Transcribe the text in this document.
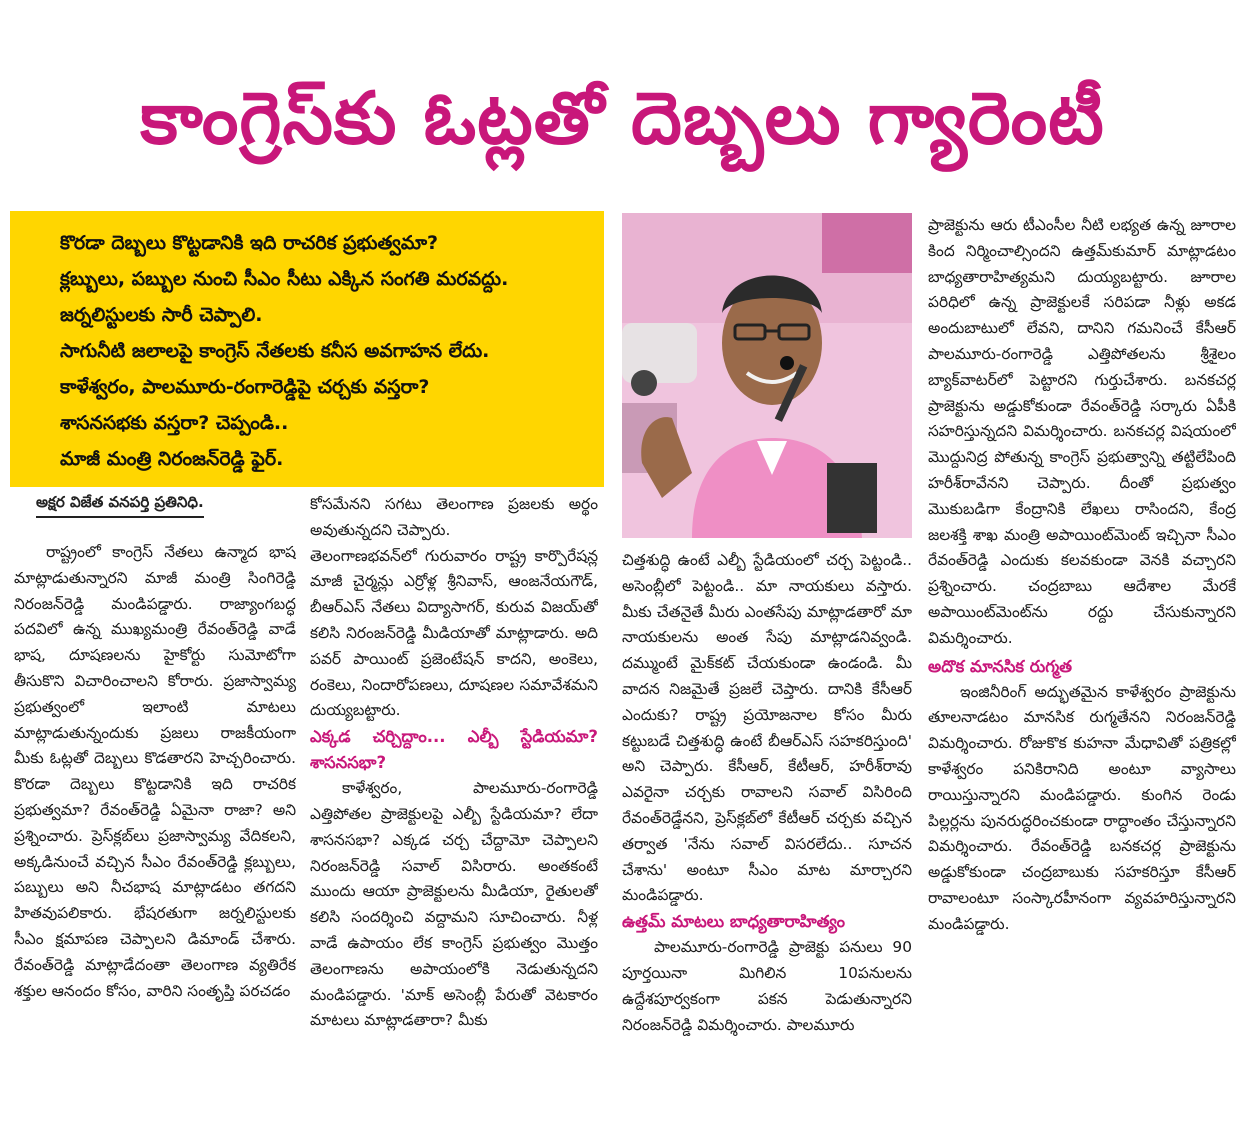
కాంగ్రెస్‌కు ఓట్లతో దెబ్బలు గ్యారెంటీ

కొరడా దెబ్బలు కొట్టడానికి ఇది రాచరిక ప్రభుత్వమా?

క్లబ్బులు, పబ్బుల నుంచి సీఎం సీటు ఎక్కిన సంగతి మరవద్దు.

జర్నలిస్టులకు సారీ చెప్పాలి.

సాగునీటి జలాలపై కాంగ్రెస్ నేతలకు కనీస అవగాహన లేదు.

కాళేశ్వరం, పాలమూరు-రంగారెడ్డిపై చర్చకు వస్తరా?

శాసనసభకు వస్తరా? చెప్పండి..

మాజీ మంత్రి నిరంజన్‌రెడ్డి ఫైర్.

అక్షర విజేత వనపర్తి ప్రతినిధి.

రాష్ట్రంలో కాంగ్రెస్ నేతలు ఉన్మాద భాష మాట్లాడుతున్నారని మాజీ మంత్రి సింగిరెడ్డి నిరంజన్‌రెడ్డి మండిపడ్డారు. రాజ్యాంగబద్ధ పదవిలో ఉన్న ముఖ్యమంత్రి రేవంత్‌రెడ్డి వాడే భాష, దూషణలను హైకోర్టు సుమోటోగా తీసుకొని విచారించాలని కోరారు. ప్రజాస్వామ్య ప్రభుత్వంలో ఇలాంటి మాటలు మాట్లాడుతున్నందుకు ప్రజలు రాజకీయంగా మీకు ఓట్లతో దెబ్బలు కొడతారని హెచ్చరించారు. కొరడా దెబ్బలు కొట్టడానికి ఇది రాచరిక ప్రభుత్వమా? రేవంత్‌రెడ్డి ఏమైనా రాజా? అని ప్రశ్నించారు. ప్రెస్‌క్లబ్‌లు ప్రజాస్వామ్య వేదికలని, అక్కడినుంచే వచ్చిన సీఎం రేవంత్‌రెడ్డి క్లబ్బులు, పబ్బులు అని నీచభాష మాట్లాడటం తగదని హితవుపలికారు. భేషరతుగా జర్నలిస్టులకు సీఎం క్షమాపణ చెప్పాలని డిమాండ్ చేశారు. రేవంత్‌రెడ్డి మాట్లాడేదంతా తెలంగాణ వ్యతిరేక శక్తుల ఆనందం కోసం, వారిని సంతృప్తి పరచడం

కోసమేనని సగటు తెలంగాణ ప్రజలకు అర్థం అవుతున్నదని చెప్పారు.

తెలంగాణభవన్‌లో గురువారం రాష్ట్ర కార్పొరేషన్ల మాజీ చైర్మన్లు ఎర్రోళ్ల శ్రీనివాస్, ఆంజనేయగౌడ్, బీఆర్‌ఎస్ నేతలు విద్యాసాగర్, కురువ విజయ్‌తో కలిసి నిరంజన్‌రెడ్డి మీడియాతో మాట్లాడారు. అది పవర్ పాయింట్ ప్రజెంటేషన్ కాదని, అంకెలు, రంకెలు, నిందారోపణలు, దూషణల సమావేశమని దుయ్యబట్టారు.

ఎక్కడ చర్చిద్దాం... ఎల్బీ స్టేడియమా? శాసనసభా?

కాళేశ్వరం, పాలమూరు-రంగారెడ్డి ఎత్తిపోతల ప్రాజెక్టులపై ఎల్బీ స్టేడియమా? లేదా శాసనసభా? ఎక్కడ చర్చ చేద్దామో చెప్పాలని నిరంజన్‌రెడ్డి సవాల్ విసిరారు. అంతకంటే ముందు ఆయా ప్రాజెక్టులను మీడియా, రైతులతో కలిసి సందర్శించి వద్దామని సూచించారు. నీళ్ల వాడే ఉపాయం లేక కాంగ్రెస్ ప్రభుత్వం మొత్తం తెలంగాణను అపాయంలోకి నెడుతున్నదని మండిపడ్డారు. 'మాక్ అసెంబ్లీ పేరుతో వెటకారం మాటలు మాట్లాడతారా? మీకు

చిత్తశుద్ధి ఉంటే ఎల్బీ స్టేడియంలో చర్చ పెట్టండి.. అసెంబ్లీలో పెట్టండి.. మా నాయకులు వస్తారు. మీకు చేతనైతే మీరు ఎంతసేపు మాట్లాడతారో మా నాయకులను అంత సేపు మాట్లాడనివ్వండి. దమ్ముంటే మైక్‌కట్ చేయకుండా ఉండండి. మీ వాదన నిజమైతే ప్రజలే చెప్తారు. దానికి కేసీఆర్ ఎందుకు? రాష్ట్ర ప్రయోజనాల కోసం మీరు కట్టుబడే చిత్తశుద్ధి ఉంటే బీఆర్‌ఎస్ సహకరిస్తుంది' అని చెప్పారు. కేసీఆర్, కేటీఆర్, హరీశ్‌రావు ఎవరైనా చర్చకు రావాలని సవాల్ విసిరింది రేవంత్‌రెడ్డేనని, ప్రెస్‌క్లబ్‌లో కేటీఆర్ చర్చకు వచ్చిన తర్వాత 'నేను సవాల్ విసరలేదు.. సూచన చేశాను' అంటూ సీఎం మాట మార్చారని మండిపడ్డారు.

ఉత్తమ్ మాటలు బాధ్యతారాహిత్యం

పాలమూరు-రంగారెడ్డి ప్రాజెక్టు పనులు 90 పూర్తయినా మిగిలిన 10పనులను ఉద్దేశపూర్వకంగా పకన పెడుతున్నారని నిరంజన్‌రెడ్డి విమర్శించారు. పాలమూరు

ప్రాజెక్టును ఆరు టీఎంసీల నీటి లభ్యత ఉన్న జూరాల కింద నిర్మించాల్సిందని ఉత్తమ్‌కుమార్ మాట్లాడటం బాధ్యతారాహిత్యమని దుయ్యబట్టారు. జూరాల పరిధిలో ఉన్న ప్రాజెక్టులకే సరిపడా నీళ్లు అకడ అందుబాటులో లేవని, దానిని గమనించే కేసీఆర్ పాలమూరు-రంగారెడ్డి ఎత్తిపోతలను శ్రీశైలం బ్యాక్‌వాటర్‌లో పెట్టారని గుర్తుచేశారు. బనకచర్ల ప్రాజెక్టును అడ్డుకోకుండా రేవంత్‌రెడ్డి సర్కారు ఏపీకి సహరిస్తున్నదని విమర్శించారు. బనకచర్ల విషయంలో మొద్దునిద్ర పోతున్న కాంగ్రెస్ ప్రభుత్వాన్ని తట్టిలేపింది హరీశ్‌రావేనని చెప్పారు. దీంతో ప్రభుత్వం మొకుబడిగా కేంద్రానికి లేఖలు రాసిందని, కేంద్ర జలశక్తి శాఖ మంత్రి అపాయింట్‌మెంట్ ఇచ్చినా సీఎం రేవంత్‌రెడ్డి ఎందుకు కలవకుండా వెనకి వచ్చారని ప్రశ్నించారు. చంద్రబాబు ఆదేశాల మేరకే అపాయింట్‌మెంట్‌ను రద్దు చేసుకున్నారని విమర్శించారు.

అదొక మానసిక రుగ్మత

ఇంజినీరింగ్ అద్భుతమైన కాళేశ్వరం ప్రాజెక్టును తూలనాడటం మానసిక రుగ్మతేనని నిరంజన్‌రెడ్డి విమర్శించారు. రోజుకొక కుహనా మేధావితో పత్రికల్లో కాళేశ్వరం పనికిరానిది అంటూ వ్యాసాలు రాయిస్తున్నారని మండిపడ్డారు. కుంగిన రెండు పిల్లర్లను పునరుద్ధరించకుండా రాద్ధాంతం చేస్తున్నారని విమర్శించారు. రేవంత్‌రెడ్డి బనకచర్ల ప్రాజెక్టును అడ్డుకోకుండా చంద్రబాబుకు సహకరిస్తూ కేసీఆర్ రావాలంటూ సంస్కారహీనంగా వ్యవహరిస్తున్నారని మండిపడ్డారు.
